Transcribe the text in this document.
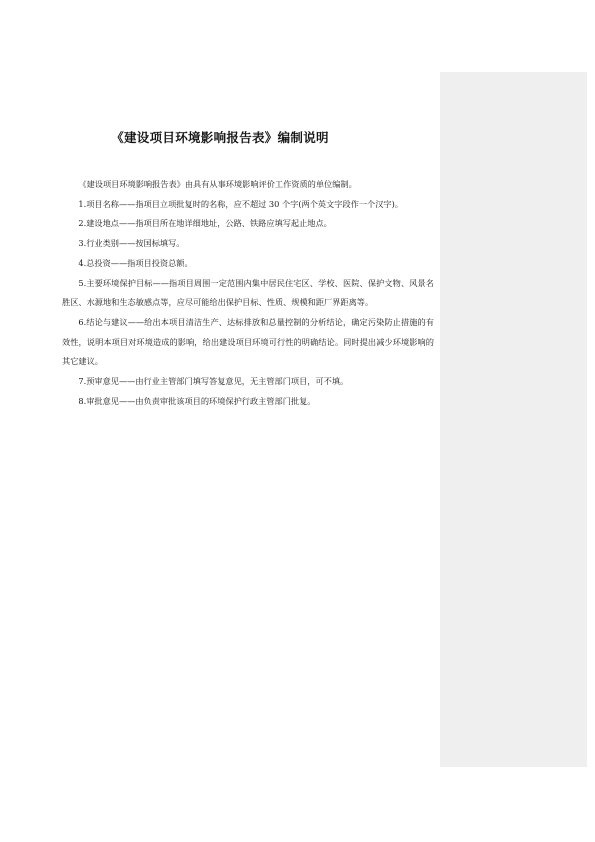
《建设项目环境影响报告表》编制说明

《建设项目环境影响报告表》由具有从事环境影响评价工作资质的单位编制。

1.项目名称——指项目立项批复时的名称，应不超过 30 个字(两个英文字段作一个汉字)。

2.建设地点——指项目所在地详细地址，公路、铁路应填写起止地点。

3.行业类别——按国标填写。

4.总投资——指项目投资总额。

5.主要环境保护目标——指项目周围一定范围内集中居民住宅区、学校、医院、保护文物、风景名胜区、水源地和生态敏感点等，应尽可能给出保护目标、性质、规模和距厂界距离等。

6.结论与建议——给出本项目清洁生产、达标排放和总量控制的分析结论，确定污染防止措施的有效性，说明本项目对环境造成的影响，给出建设项目环境可行性的明确结论。同时提出减少环境影响的其它建议。

7.预审意见——由行业主管部门填写答复意见，无主管部门项目，可不填。

8.审批意见——由负责审批该项目的环境保护行政主管部门批复。
